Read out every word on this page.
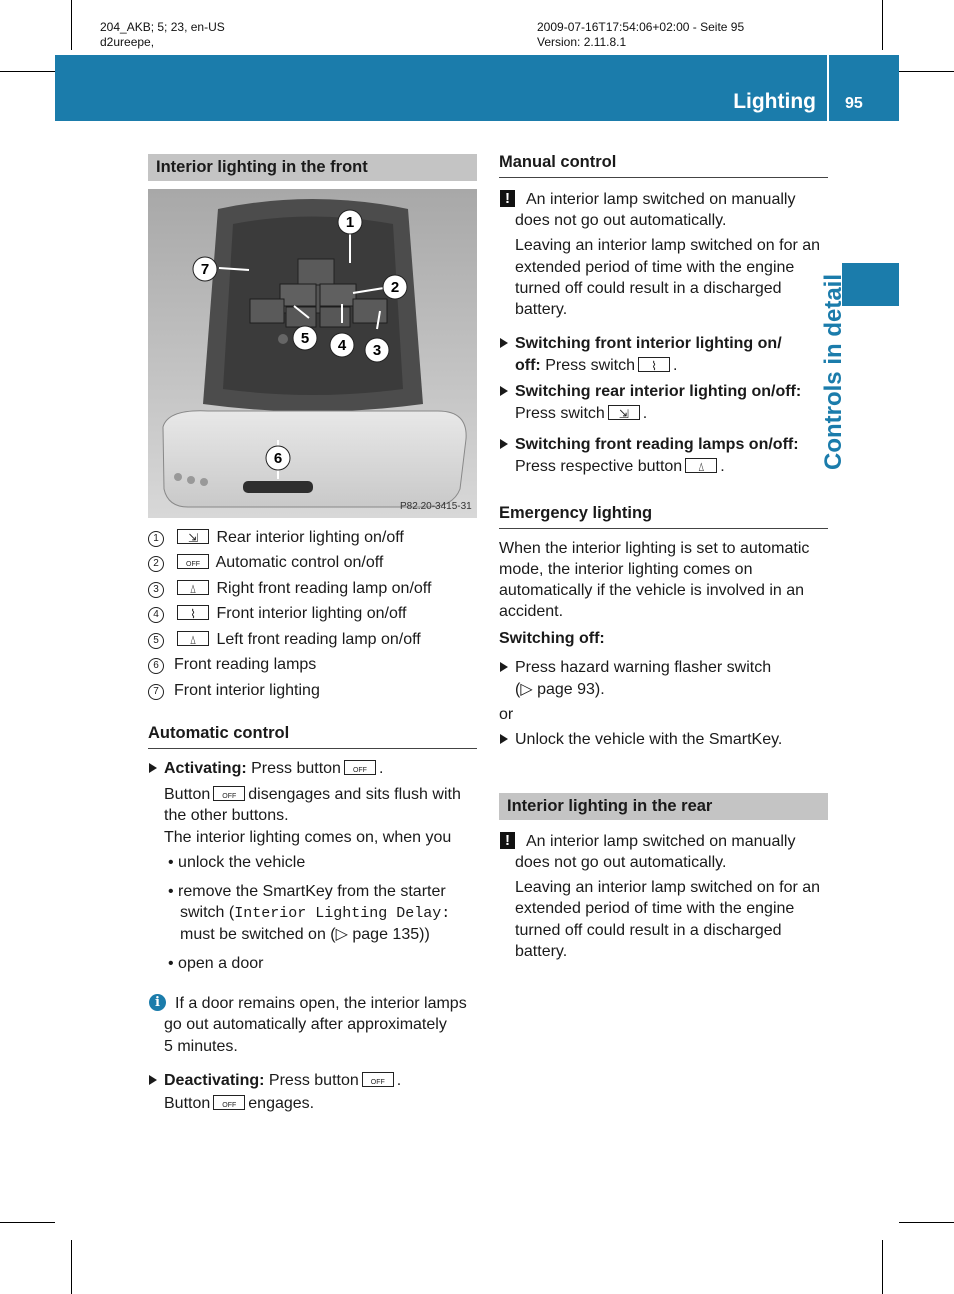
204_AKB; 5; 23, en-US
d2ureepe,
2009-07-16T17:54:06+02:00 - Seite 95
Version: 2.11.8.1
Lighting 95
Controls in detail
Interior lighting in the front
1
2
3
4
5
6
7
P82.20-3415-31
1 ⇲	Rear interior lighting on/off
2 OFF	Automatic control on/off
3 ⍙	Right front reading lamp on/off
4 ⌇	Front interior lighting on/off
5 ⍙	Left front reading lamp on/off
6 Front reading lamps
7 Front interior lighting
Automatic control
Activating: Press button OFF .
Button OFF disengages and sits flush with
the other buttons.
The interior lighting comes on, when you
• unlock the vehicle
• remove the SmartKey from the starter
switch (Interior Lighting Delay:
must be switched on (▷ page 135))
• open a door
i If a door remains open, the interior lamps
go out automatically after approximately
5 minutes.
Deactivating: Press button OFF .
Button OFF engages.
Manual control
!	An interior lamp switched on manually
does not go out automatically.
Leaving an interior lamp switched on for an
extended period of time with the engine
turned off could result in a discharged
battery.
Switching front interior lighting on/
off: Press switch ⌇ .
Switching rear interior lighting on/off:
Press switch ⇲ .
Switching front reading lamps on/off:
Press respective button ⍙ .
Emergency lighting
When the interior lighting is set to automatic
mode, the interior lighting comes on
automatically if the vehicle is involved in an
accident.
Switching off:
Press hazard warning flasher switch
(▷ page 93).
or
Unlock the vehicle with the SmartKey.
Interior lighting in the rear
!	An interior lamp switched on manually
does not go out automatically.
Leaving an interior lamp switched on for an
extended period of time with the engine
turned off could result in a discharged
battery.
